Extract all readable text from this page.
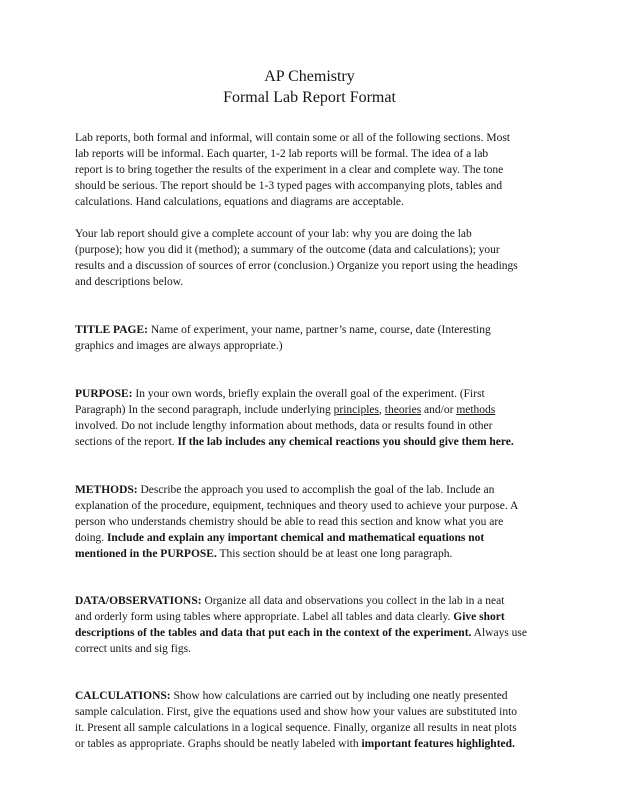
AP Chemistry
Formal Lab Report Format

Lab reports, both formal and informal, will contain some or all of the following sections. Most
lab reports will be informal. Each quarter, 1-2 lab reports will be formal. The idea of a lab
report is to bring together the results of the experiment in a clear and complete way. The tone
should be serious. The report should be 1-3 typed pages with accompanying plots, tables and
calculations. Hand calculations, equations and diagrams are acceptable.

Your lab report should give a complete account of your lab: why you are doing the lab
(purpose); how you did it (method); a summary of the outcome (data and calculations); your
results and a discussion of sources of error (conclusion.) Organize you report using the headings
and descriptions below.

TITLE PAGE: Name of experiment, your name, partner’s name, course, date (Interesting
graphics and images are always appropriate.)

PURPOSE: In your own words, briefly explain the overall goal of the experiment. (First
Paragraph) In the second paragraph, include underlying principles, theories and/or methods
involved. Do not include lengthy information about methods, data or results found in other
sections of the report. If the lab includes any chemical reactions you should give them here.

METHODS: Describe the approach you used to accomplish the goal of the lab. Include an
explanation of the procedure, equipment, techniques and theory used to achieve your purpose. A
person who understands chemistry should be able to read this section and know what you are
doing. Include and explain any important chemical and mathematical equations not
mentioned in the PURPOSE. This section should be at least one long paragraph.

DATA/OBSERVATIONS: Organize all data and observations you collect in the lab in a neat
and orderly form using tables where appropriate. Label all tables and data clearly. Give short
descriptions of the tables and data that put each in the context of the experiment. Always use
correct units and sig figs.

CALCULATIONS: Show how calculations are carried out by including one neatly presented
sample calculation. First, give the equations used and show how your values are substituted into
it. Present all sample calculations in a logical sequence. Finally, organize all results in neat plots
or tables as appropriate. Graphs should be neatly labeled with important features highlighted.
